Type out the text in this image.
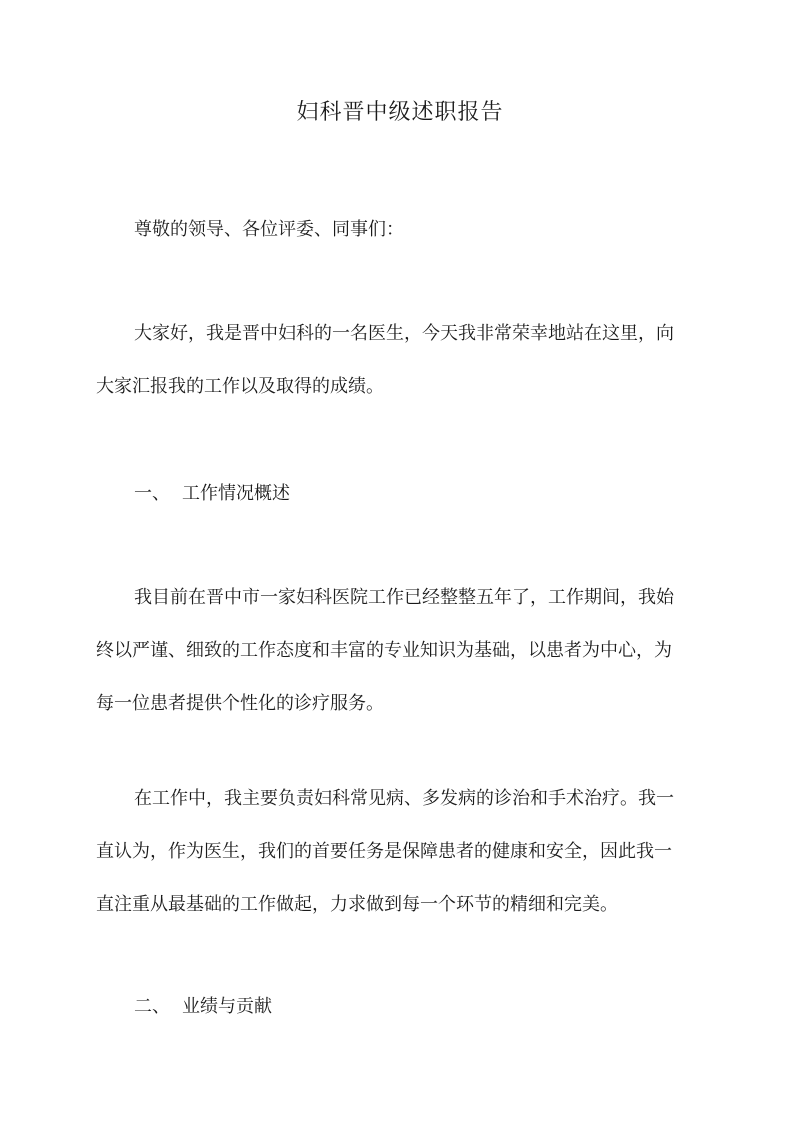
妇科晋中级述职报告
尊敬的领导、各位评委、同事们：
大家好，我是晋中妇科的一名医生，今天我非常荣幸地站在这里，向
大家汇报我的工作以及取得的成绩。
一、 工作情况概述
我目前在晋中市一家妇科医院工作已经整整五年了，工作期间，我始
终以严谨、细致的工作态度和丰富的专业知识为基础，以患者为中心，为
每一位患者提供个性化的诊疗服务。
在工作中，我主要负责妇科常见病、多发病的诊治和手术治疗。我一
直认为，作为医生，我们的首要任务是保障患者的健康和安全，因此我一
直注重从最基础的工作做起，力求做到每一个环节的精细和完美。
二、 业绩与贡献
